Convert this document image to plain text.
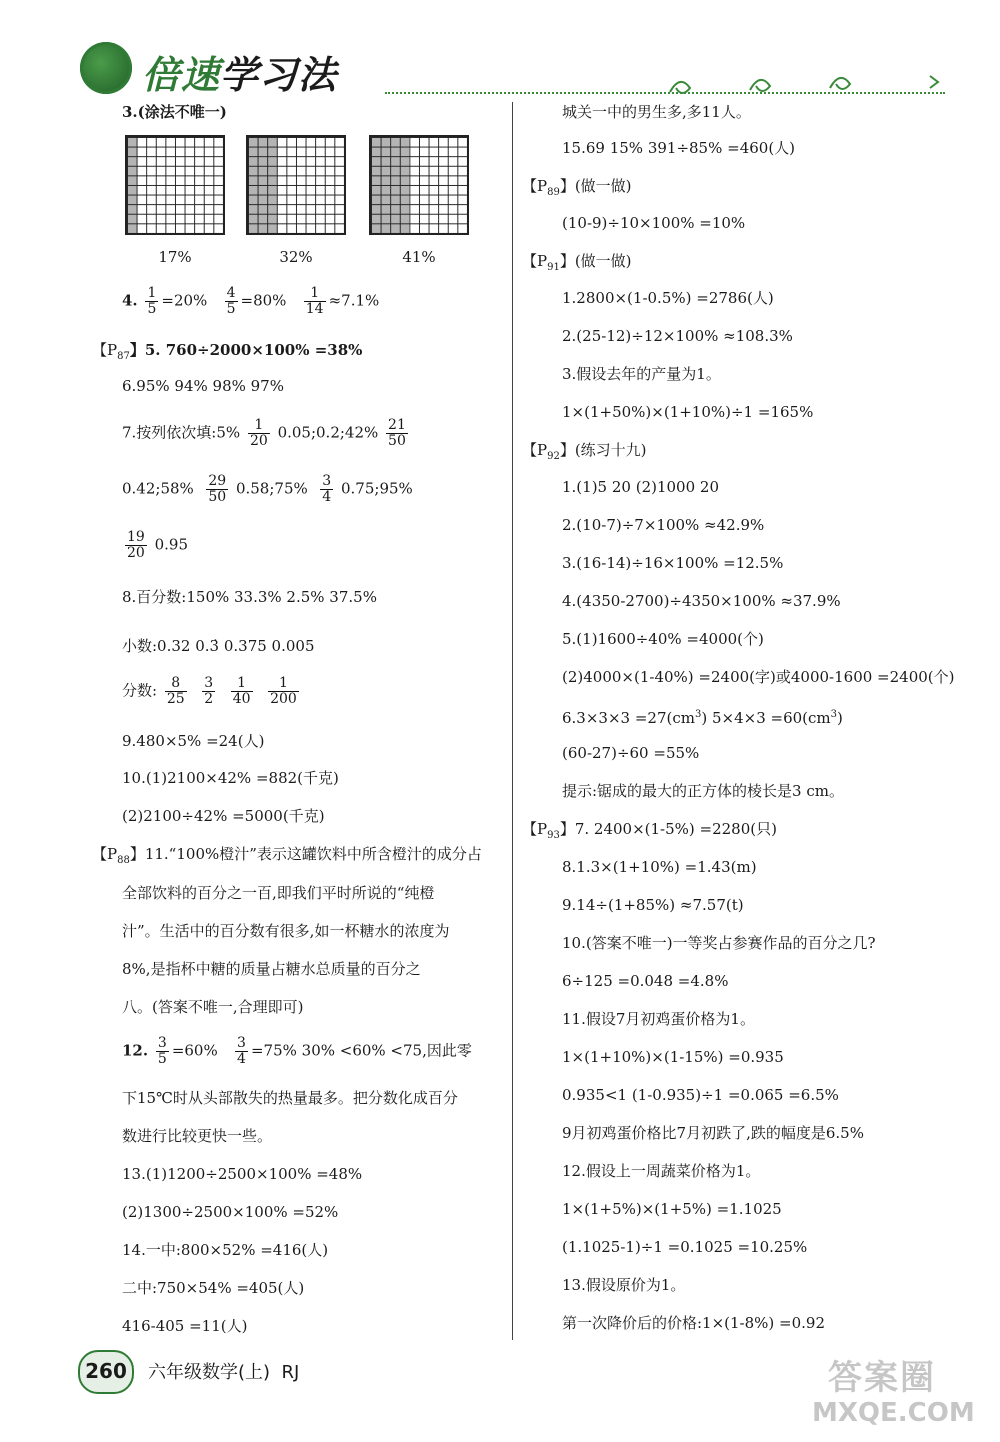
倍速学习法
3.(涂法不唯一)
17%	32%	41%
4. $\frac{1}{5} =20\% \frac{4}{5} =80\% \frac{1}{14} \approx 7.1\%$
【$P_{87}$】5. 760÷2000×100% =38%
6.95% 94% 98% 97%
7.按列依次填:5% $\frac{1}{20}$ 0.05;0.2;42% $\frac{21}{50}$
0.42;58% $\frac{29}{50}$ 0.58;75% $\frac{3}{4}$ 0.75;95%
$\frac{19}{20} 0.95$
8.百分数:150% 33.3% 2.5% 37.5%
小数:0.32 0.3̇ 0.375 0.005
分数: $\frac{8}{25}$
$\frac{3}{2}$
$\frac{1}{40}$
$\frac{1}{200}$
9.480×5% =24(人)
10.(1)2100×42% =882(千克)
(2)2100÷42% =5000(千克)
【$P_{88}$】11.“100%橙汁”表示这罐饮料中所含橙汁的成分占
全部饮料的百分之一百,即我们平时所说的“纯橙
汁”。生活中的百分数有很多,如一杯糖水的浓度为
8%,是指杯中糖的质量占糖水总质量的百分之
八。(答案不唯一,合理即可)
12. $\frac{3}{5} =60\% \frac{3}{4} =75\%$ 30% <60% <75,因此零
下15℃时从头部散失的热量最多。把分数化成百分
数进行比较更快一些。
13.(1)1200÷2500×100% =48%
(2)1300÷2500×100% =52%
14.一中:800×52% =416(人)
二中:750×54% =405(人)
416-405 =11(人)
城关一中的男生多,多11人。
15.69 15% 391÷85% =460(人)
【$P_{89}$】(做一做)
(10-9)÷10×100% =10%
【$P_{91}$】(做一做)
1.2800×(1-0.5%) =2786(人)
2.(25-12)÷12×100% ≈108.3%
3.假设去年的产量为1。
1×(1+50%)×(1+10%)÷1 =165%
【$P_{92}$】(练习十九)
1.(1)5 20 (2)1000 20
2.(10-7)÷7×100% ≈42.9%
3.(16-14)÷16×100% =12.5%
4.(4350-2700)÷4350×100% ≈37.9%
5.(1)1600÷40% =4000(个)
(2)4000×(1-40%) =2400(字)或4000-1600 =2400(个)
$6.3\times 3\times 3 =27(cm^3)$ $5\times 4\times 3 =60(cm^3)$
(60-27)÷60 =55%
提示:锯成的最大的正方体的棱长是3 cm。
【$P_{93}$】7. 2400×(1-5%) =2280(只)
8.1.3×(1+10%) =1.43(m)
9.14÷(1+85%) ≈7.57(t)
10.(答案不唯一)一等奖占参赛作品的百分之几?
6÷125 =0.048 =4.8%
11.假设7月初鸡蛋价格为1。
1×(1+10%)×(1-15%) =0.935
0.935<1 (1-0.935)÷1 =0.065 =6.5%
9月初鸡蛋价格比7月初跌了,跌的幅度是6.5%
12.假设上一周蔬菜价格为1。
1×(1+5%)×(1+5%) =1.1025
(1.1025-1)÷1 =0.1025 =10.25%
13.假设原价为1。
第一次降价后的价格:1×(1-8%) =0.92
260	六年级数学(上) RJ	答案圈
MXQE.COM
